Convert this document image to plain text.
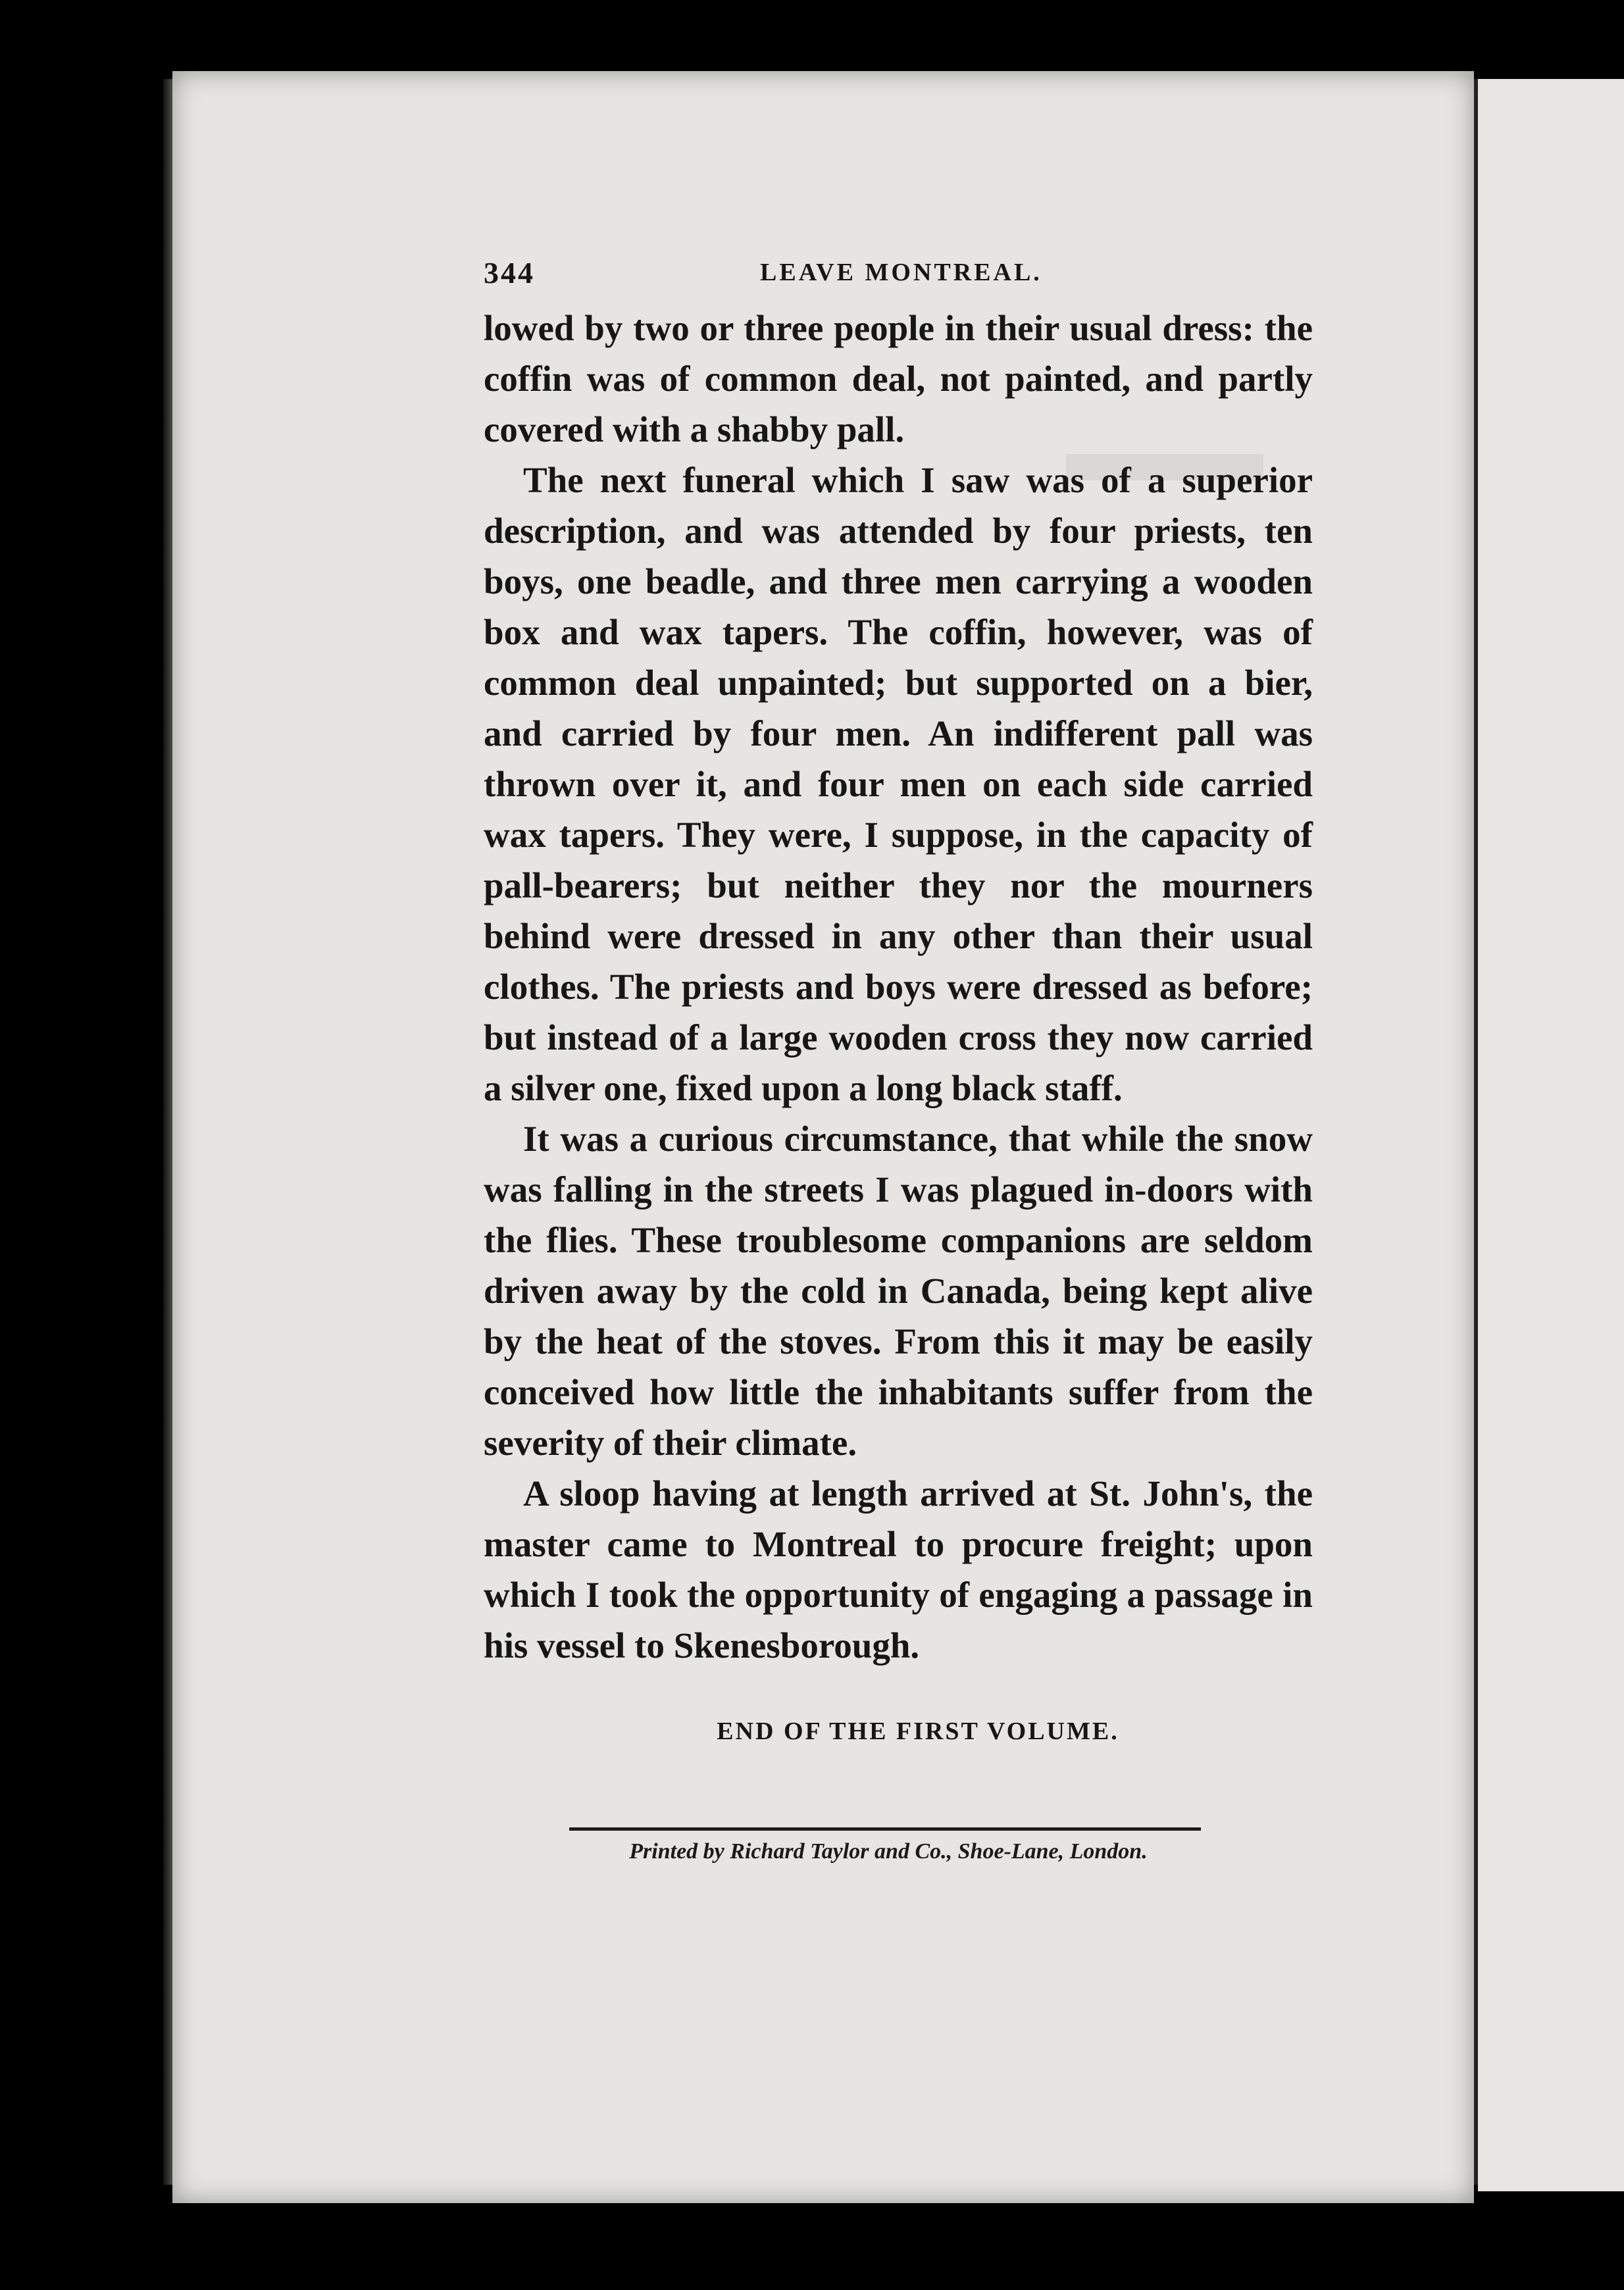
344	LEAVE MONTREAL.

lowed by two or three people in their usual dress: the coffin was of common deal, not painted, and partly covered with a shabby pall.

The next funeral which I saw was of a superior description, and was attended by four priests, ten boys, one beadle, and three men carrying a wooden box and wax tapers. The coffin, however, was of common deal unpainted; but supported on a bier, and carried by four men. An indifferent pall was thrown over it, and four men on each side carried wax tapers. They were, I suppose, in the capacity of pall-bearers; but neither they nor the mourners behind were dressed in any other than their usual clothes. The priests and boys were dressed as before; but instead of a large wooden cross they now carried a silver one, fixed upon a long black staff.

It was a curious circumstance, that while the snow was falling in the streets I was plagued in-doors with the flies. These troublesome companions are seldom driven away by the cold in Canada, being kept alive by the heat of the stoves. From this it may be easily conceived how little the inhabitants suffer from the severity of their climate.

A sloop having at length arrived at St. John's, the master came to Montreal to procure freight; upon which I took the opportunity of engaging a passage in his vessel to Skenesborough.

END OF THE FIRST VOLUME.
Printed by Richard Taylor and Co., Shoe-Lane, London.
